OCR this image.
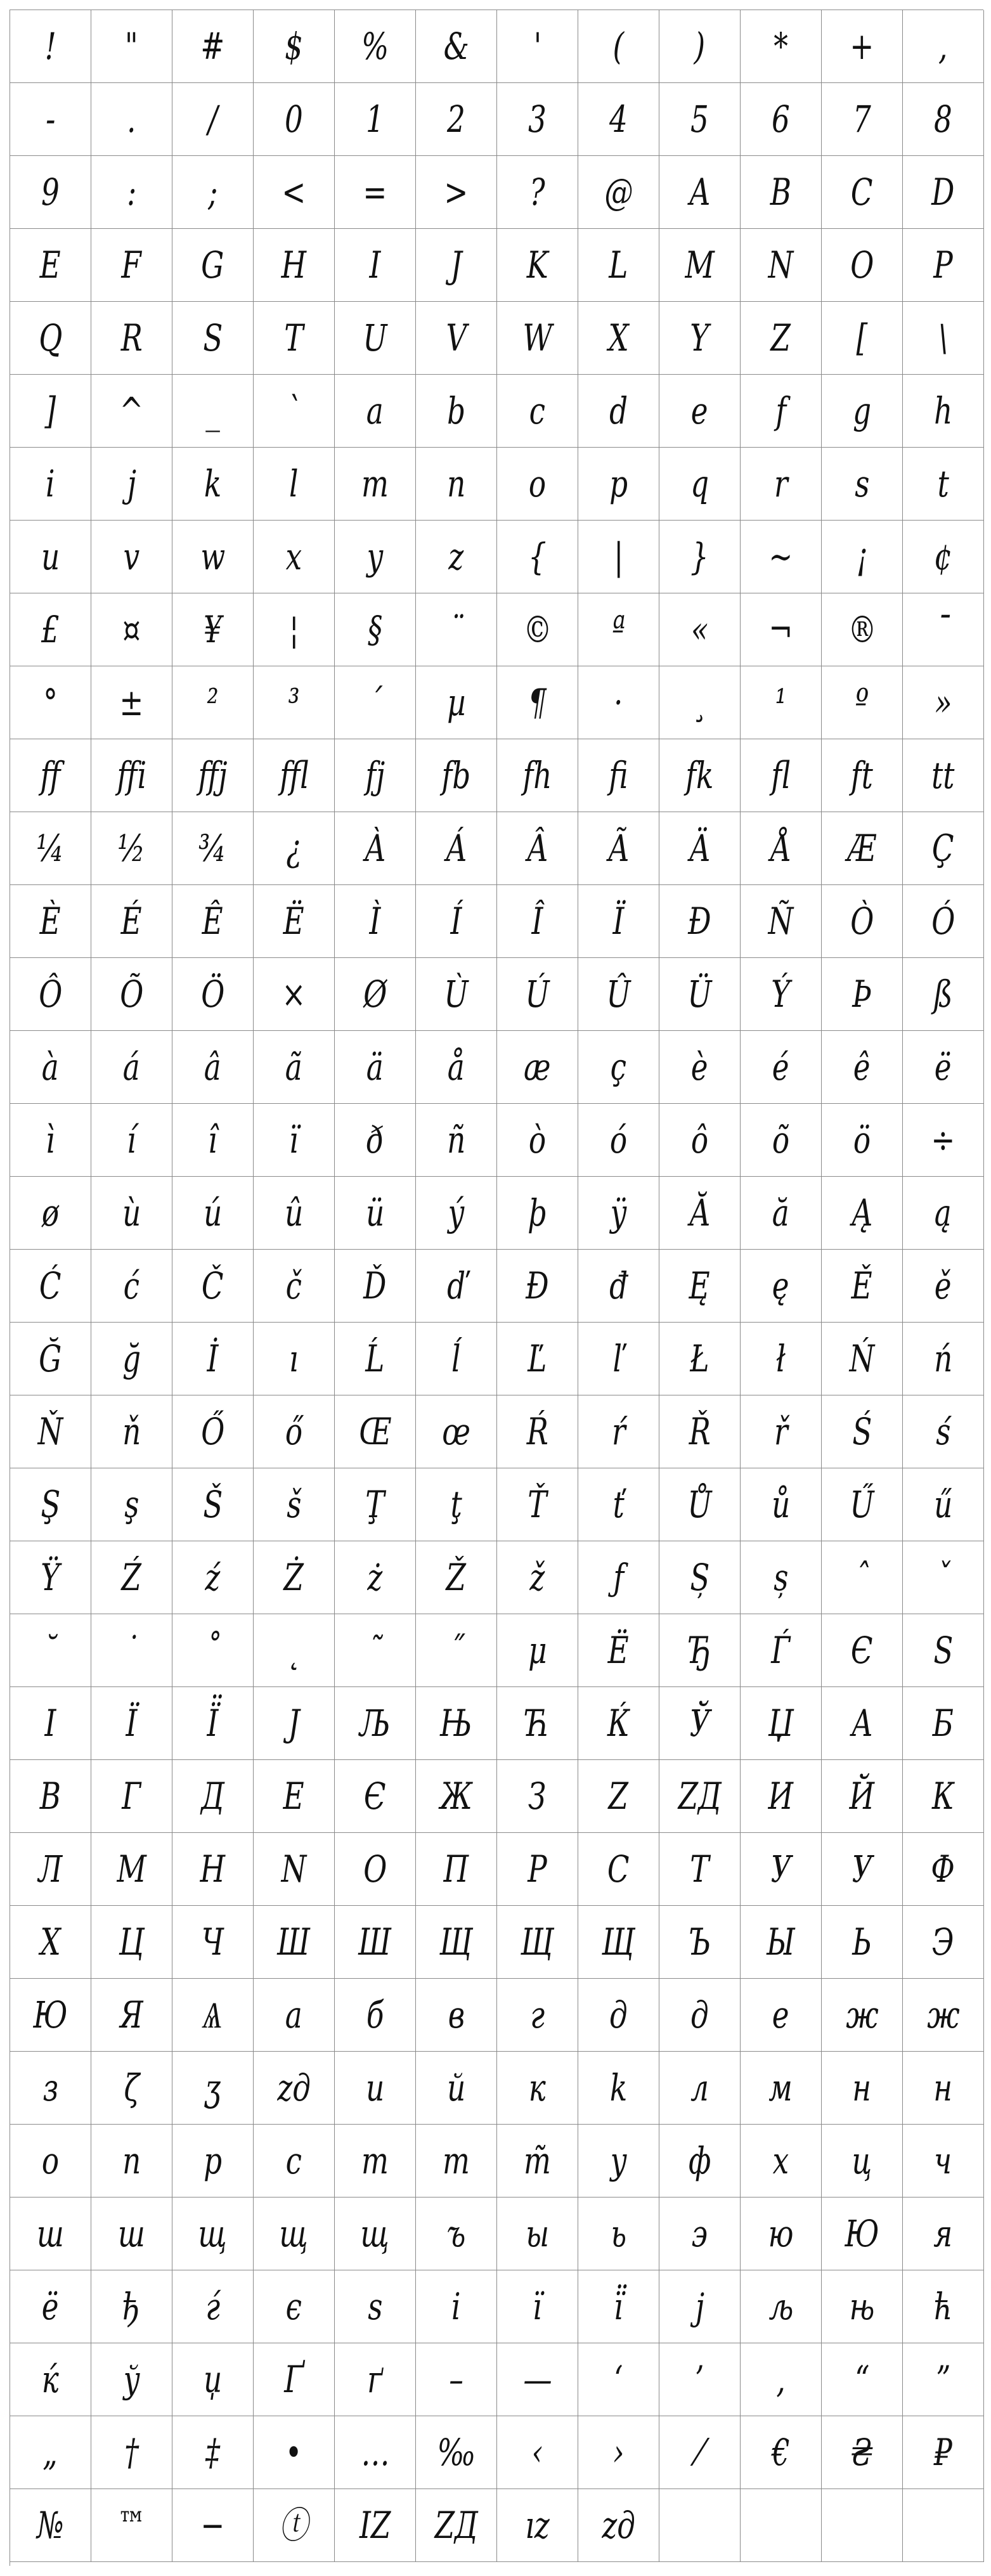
! " # $ % & ' ( ) * + ,
- . / 0 1 2 3 4 5 6 7 8
9 : ; < = > ? @ A B C D
E F G H I J K L M N O P
Q R S T U V W X Y Z [ \
] ^ _ ` a b c d e f g h
i j k l m n o p q r s t
u v w x y z { | } ~ ¡ ¢
£ ¤ ¥ ¦ § ¨ © ª « ¬ ® ¯
° ± ² ³ ´ µ ¶ · ¸ ¹ º »
ff ffi ffj ffl fj fb fh fi fk fl ft tt
¼ ½ ¾ ¿ À Á Â Ã Ä Å Æ Ç
È É Ê Ë Ì Í Î Ï Đ Ñ Ò Ó
Ô Õ Ö × Ø Ù Ú Û Ü Ý Þ ß
à á â ã ä å æ ç è é ê ë
ì í î ï ð ñ ò ó ô õ ö ÷
ø ù ú û ü ý þ ÿ Ă ă Ą ą
Ć ć Č č Ď ď Đ đ Ę ę Ě ě
Ğ ğ İ ı Ĺ ĺ Ľ ľ Ł ł Ń ń
Ň ň Ő ő Œ œ Ŕ ŕ Ř ř Ś ś
Ş ş Š š Ţ ţ Ť ť Ů ů Ű ű
Ÿ Ź ź Ż ż Ž ž ƒ Ș ș ˆ ˇ
˘ ˙ ˚ ˛ ˜ ˝ μ Ё Ђ Ѓ Є Ѕ
І Ї Ї̈ Ј Љ Њ Ћ Ќ Ў Џ А Б
В Г Д Е Є Ж З Ζ ZД И Й К
Л М Н N О П Р С Т У У Ф
Х Ц Ч Ш Ш Щ Щ Щ Ъ Ы Ь Э
Ю Я Ѧ а б в г д д е ж ж
з ζ ʒ zд и й к k л м н н
о п р с т m m̃ у ф х ц ч
ш ш щ щ щ ъ ы ь э ю Ю я
ё ђ ѓ є ѕ і ї ї̈ ј љ њ ћ
ќ ў џ Ґ ґ – — ‘ ’ ‚ “ ”
„ † ‡ • … ‰ ‹ › ⁄ € ₴ ₽
№ ™ − ⓣ IZ ZД ız zд
